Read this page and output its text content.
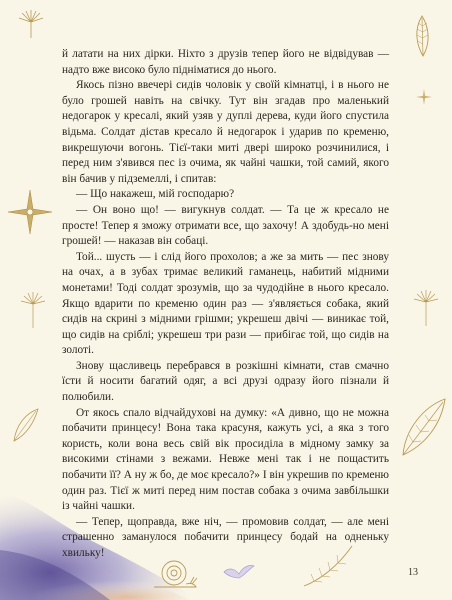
й латати на них дірки. Ніхто з друзів тепер його не відвідував — надто вже високо було підніматися до нього.

Якось пізно ввечері сидів чоловік у своїй кімнатці, і в нього не було грошей навіть на свічку. Тут він згадав про маленький недогарок у кресалі, який узяв у дуплі дерева, куди його спустила відьма. Солдат дістав кресало й недогарок і ударив по кременю, викрешуючи вогонь. Тієї-таки миті двері широко розчинилися, і перед ним з'явився пес із очима, як чайні чашки, той самий, якого він бачив у підземеллі, і спитав:

— Що накажеш, мій господарю?

— Он воно що! — вигукнув солдат. — Та це ж кресало не просте! Тепер я зможу отримати все, що захочу! А здобудь-но мені грошей! — наказав він собаці.

Той... шусть — і слід його прохолов; а же за мить — пес знову на очах, а в зубах тримає великий гаманець, набитий мідними монетами! Тоді солдат зрозумів, що за чудодійне в нього кресало. Якщо вдарити по кременю один раз — з'являється собака, який сидів на скрині з мідними грішми; укрешеш двічі — виникає той, що сидів на сріблі; укрешеш три рази — прибігає той, що сидів на золоті.

Знову щасливець перебрався в розкішні кімнати, став смачно їсти й носити багатий одяг, а всі друзі одразу його пізнали й полюбили.

От якось спало відчайдухові на думку: «А дивно, що не можна побачити принцесу! Вона така красуня, кажуть усі, а яка з того користь, коли вона весь свій вік просиділа в мідному замку за високими стінами з вежами. Невже мені так і не пощастить побачити її? А ну ж бо, де моє кресало?» І він укрешив по кременю один раз. Тієї ж миті перед ним постав собака з очима завбільшки із чайні чашки.

— Тепер, щоправда, вже ніч, — промовив солдат, — але мені страшенно заманулося побачити принцесу бодай на одненьку хвильку!

13
